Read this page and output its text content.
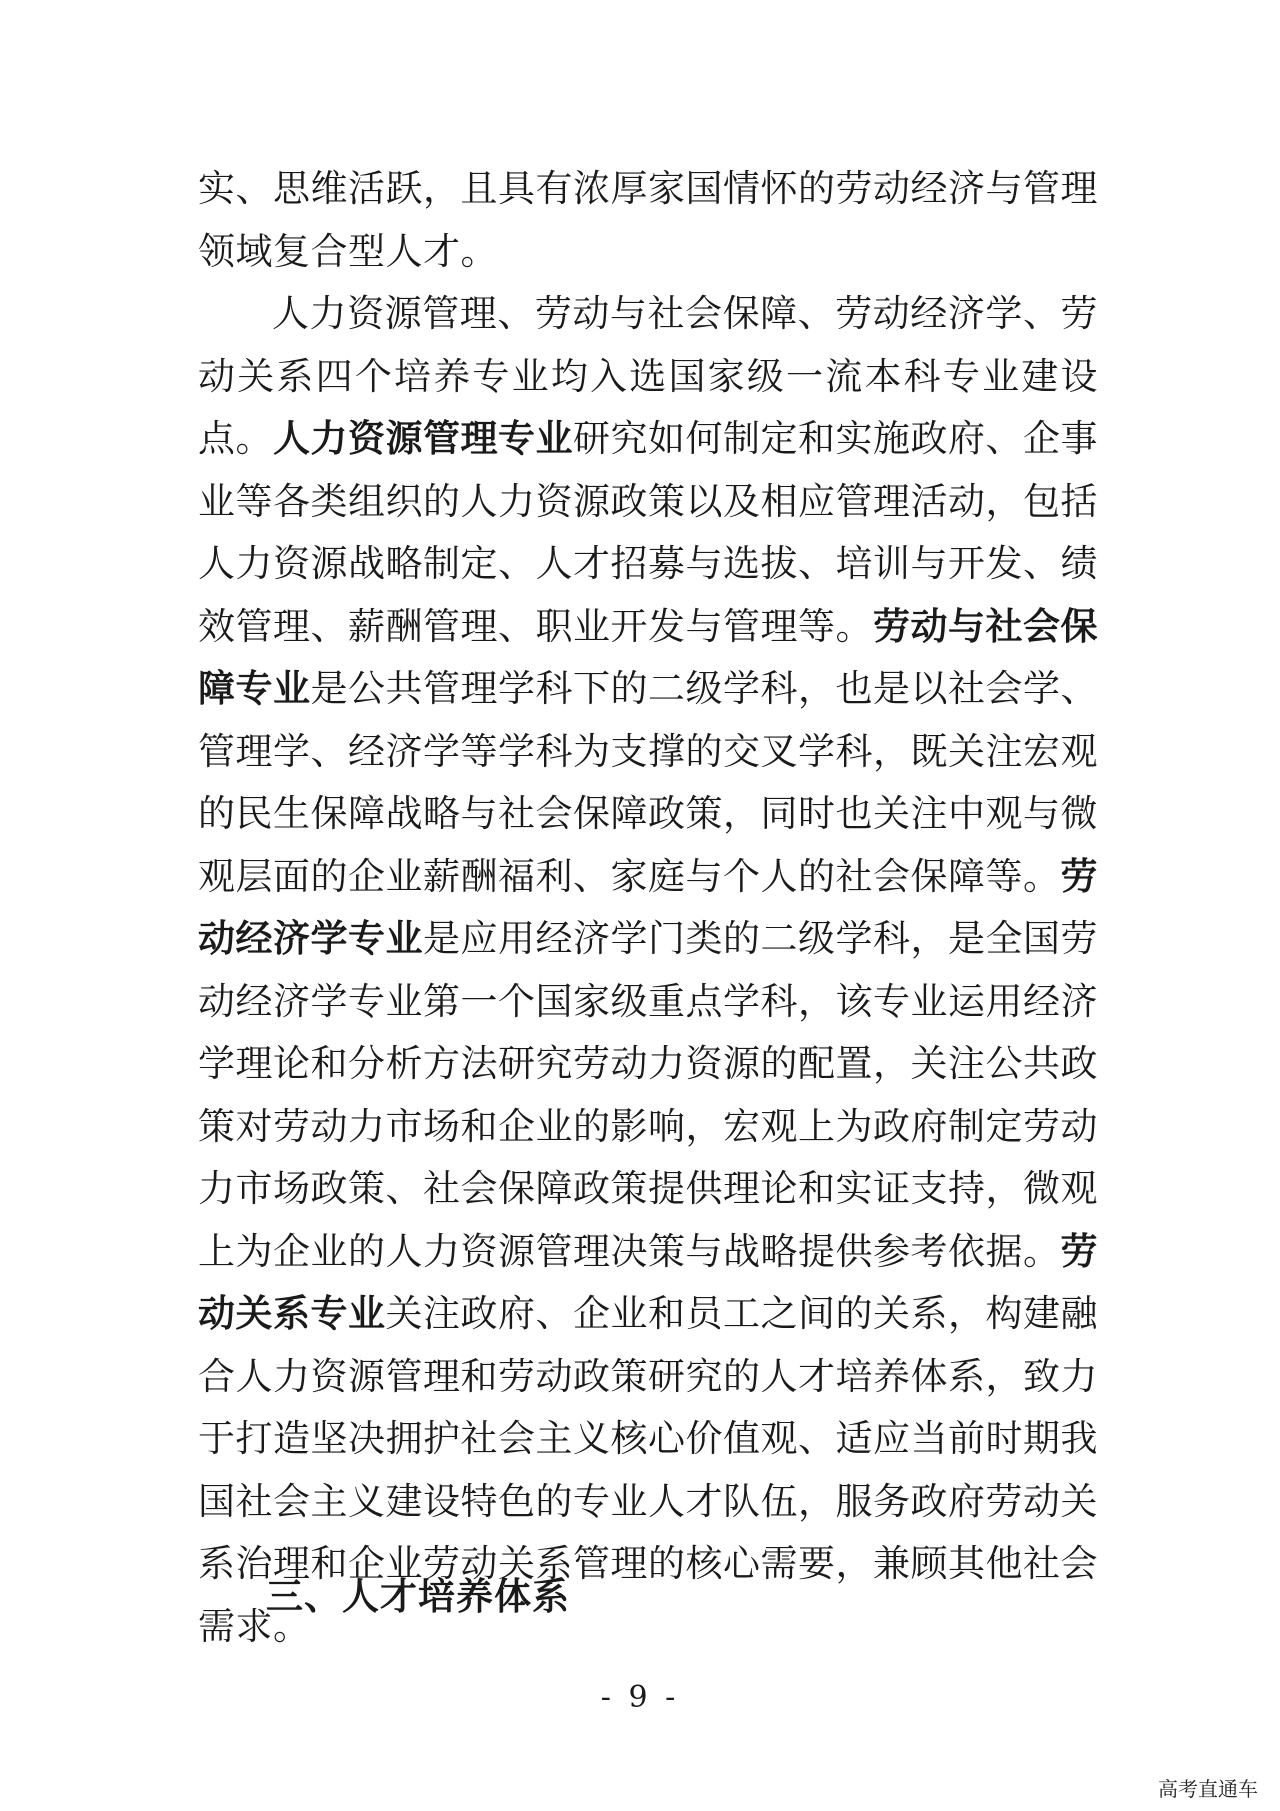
实、思维活跃，且具有浓厚家国情怀的劳动经济与管理领域复合型人才。

人力资源管理、劳动与社会保障、劳动经济学、劳动关系四个培养专业均入选国家级一流本科专业建设点。人力资源管理专业研究如何制定和实施政府、企事业等各类组织的人力资源政策以及相应管理活动，包括人力资源战略制定、人才招募与选拔、培训与开发、绩效管理、薪酬管理、职业开发与管理等。劳动与社会保障专业是公共管理学科下的二级学科，也是以社会学、管理学、经济学等学科为支撑的交叉学科，既关注宏观的民生保障战略与社会保障政策，同时也关注中观与微观层面的企业薪酬福利、家庭与个人的社会保障等。劳动经济学专业是应用经济学门类的二级学科，是全国劳动经济学专业第一个国家级重点学科，该专业运用经济学理论和分析方法研究劳动力资源的配置，关注公共政策对劳动力市场和企业的影响，宏观上为政府制定劳动力市场政策、社会保障政策提供理论和实证支持，微观上为企业的人力资源管理决策与战略提供参考依据。劳动关系专业关注政府、企业和员工之间的关系，构建融合人力资源管理和劳动政策研究的人才培养体系，致力于打造坚决拥护社会主义核心价值观、适应当前时期我国社会主义建设特色的专业人才队伍，服务政府劳动关系治理和企业劳动关系管理的核心需要，兼顾其他社会需求。

三、人才培养体系
- 9 -
高考直通车
